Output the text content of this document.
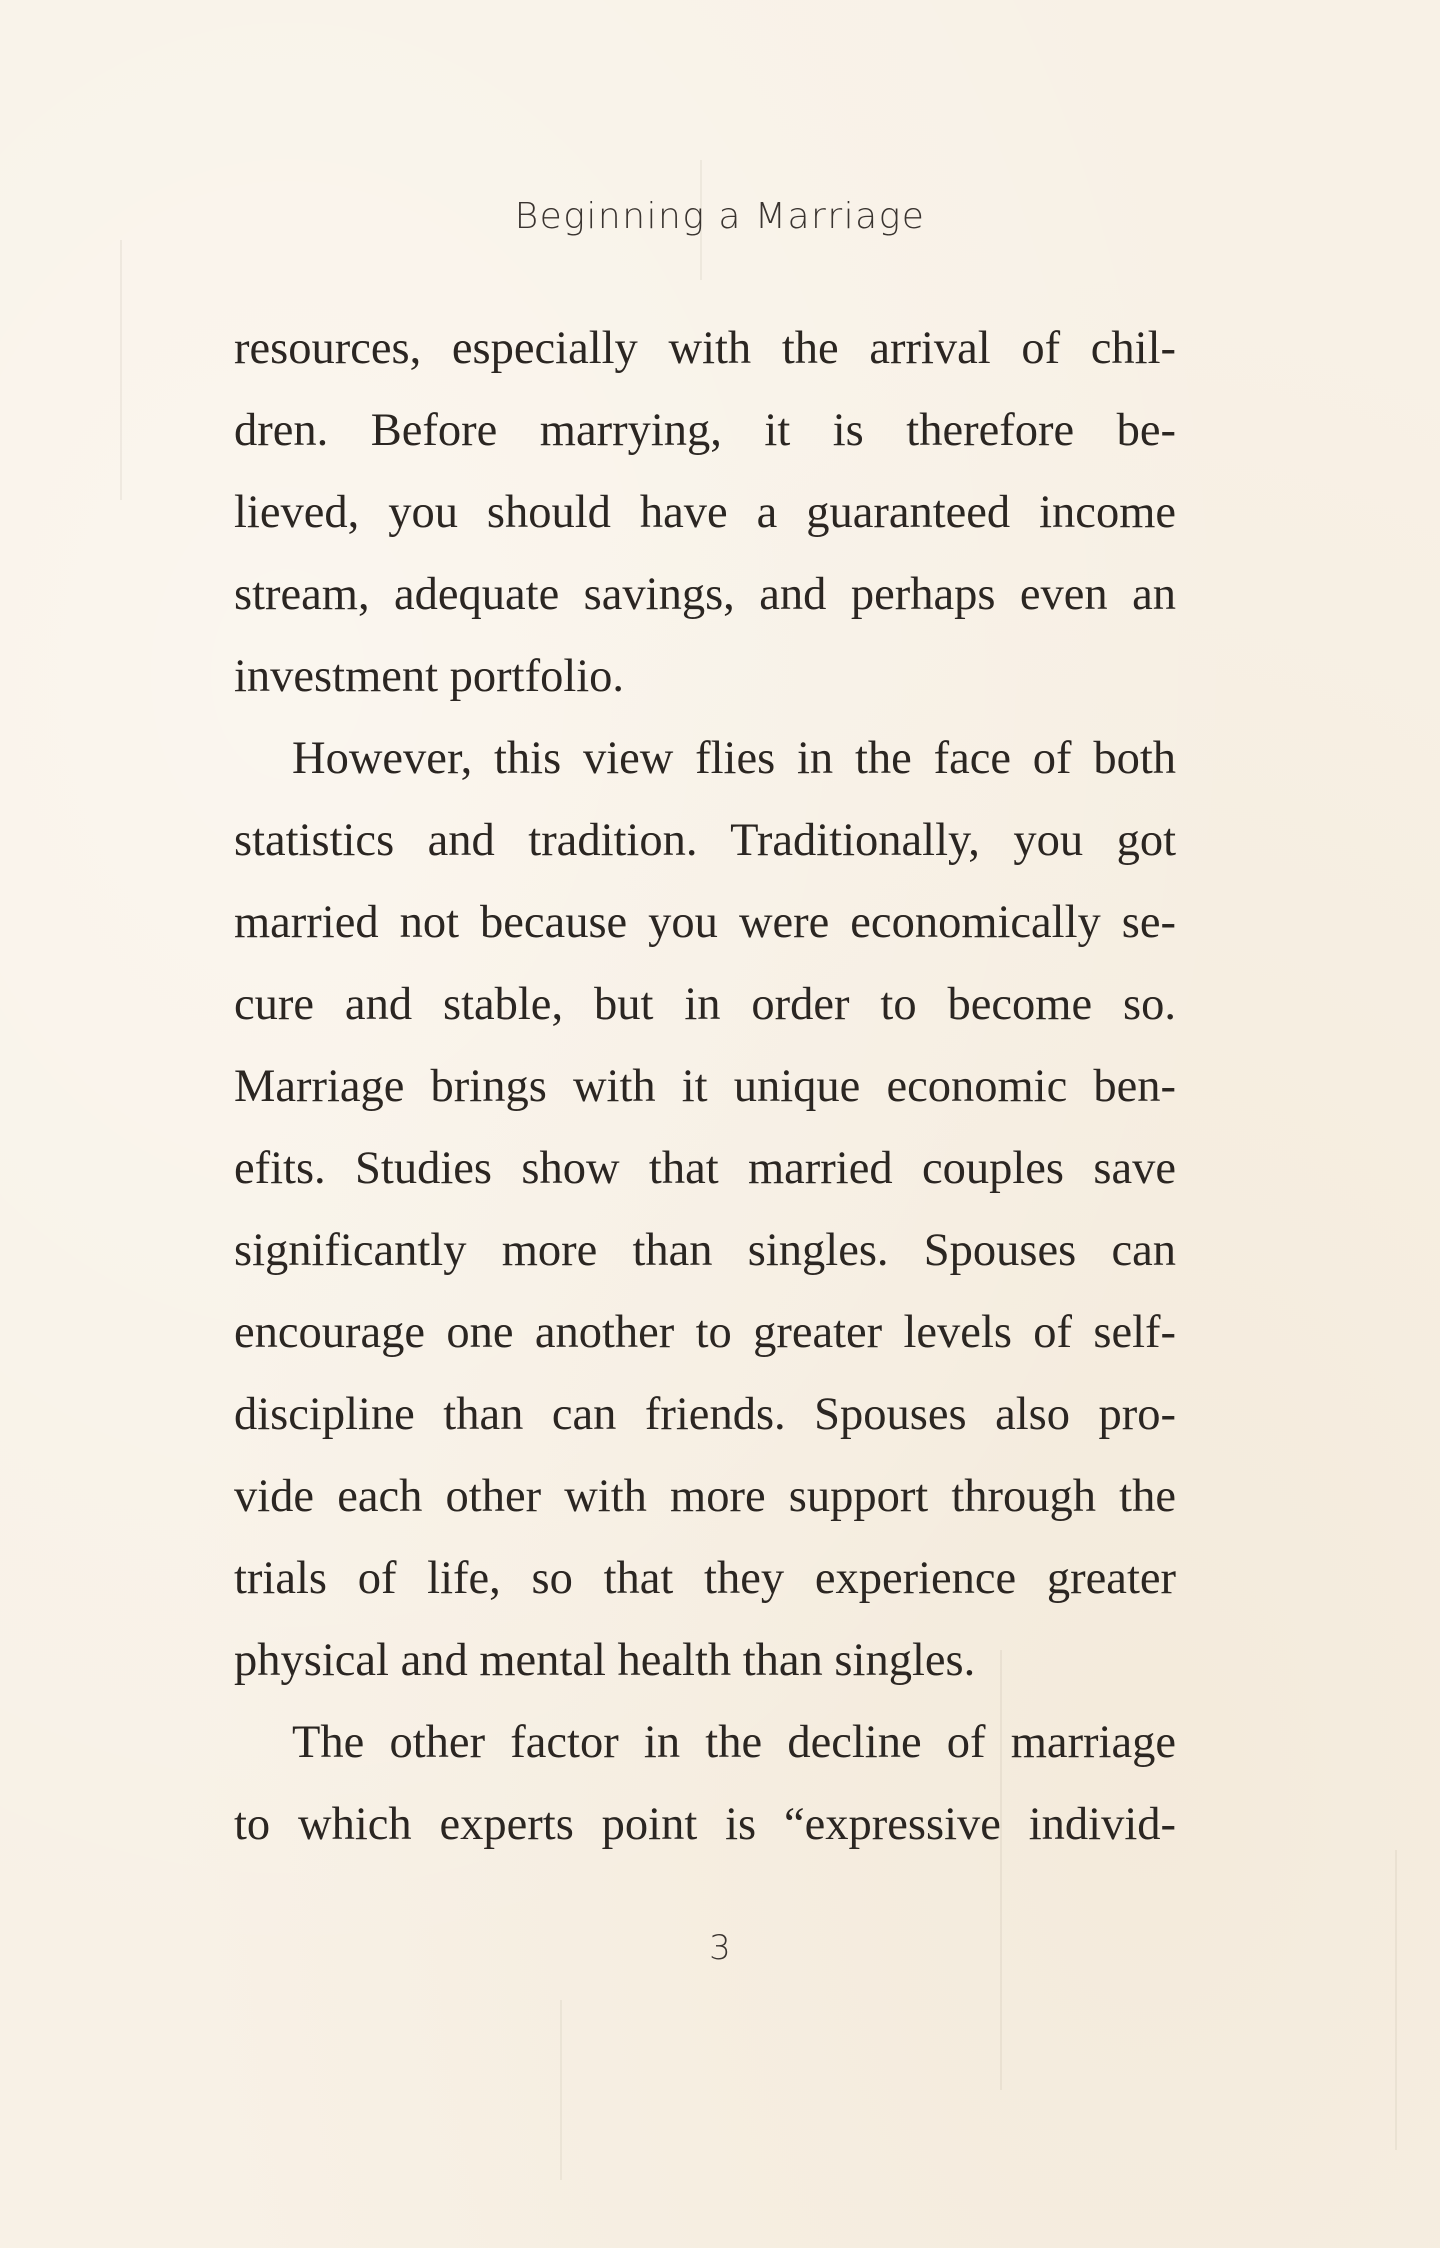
Beginning a Marriage
resources, especially with the arrival of chil-
dren. Before marrying, it is therefore be-
lieved, you should have a guaranteed income
stream, adequate savings, and perhaps even an
investment portfolio.
However, this view flies in the face of both
statistics and tradition. Traditionally, you got
married not because you were economically se-
cure and stable, but in order to become so.
Marriage brings with it unique economic ben-
efits. Studies show that married couples save
significantly more than singles. Spouses can
encourage one another to greater levels of self-
discipline than can friends. Spouses also pro-
vide each other with more support through the
trials of life, so that they experience greater
physical and mental health than singles.
The other factor in the decline of marriage
to which experts point is “expressive individ-
3
